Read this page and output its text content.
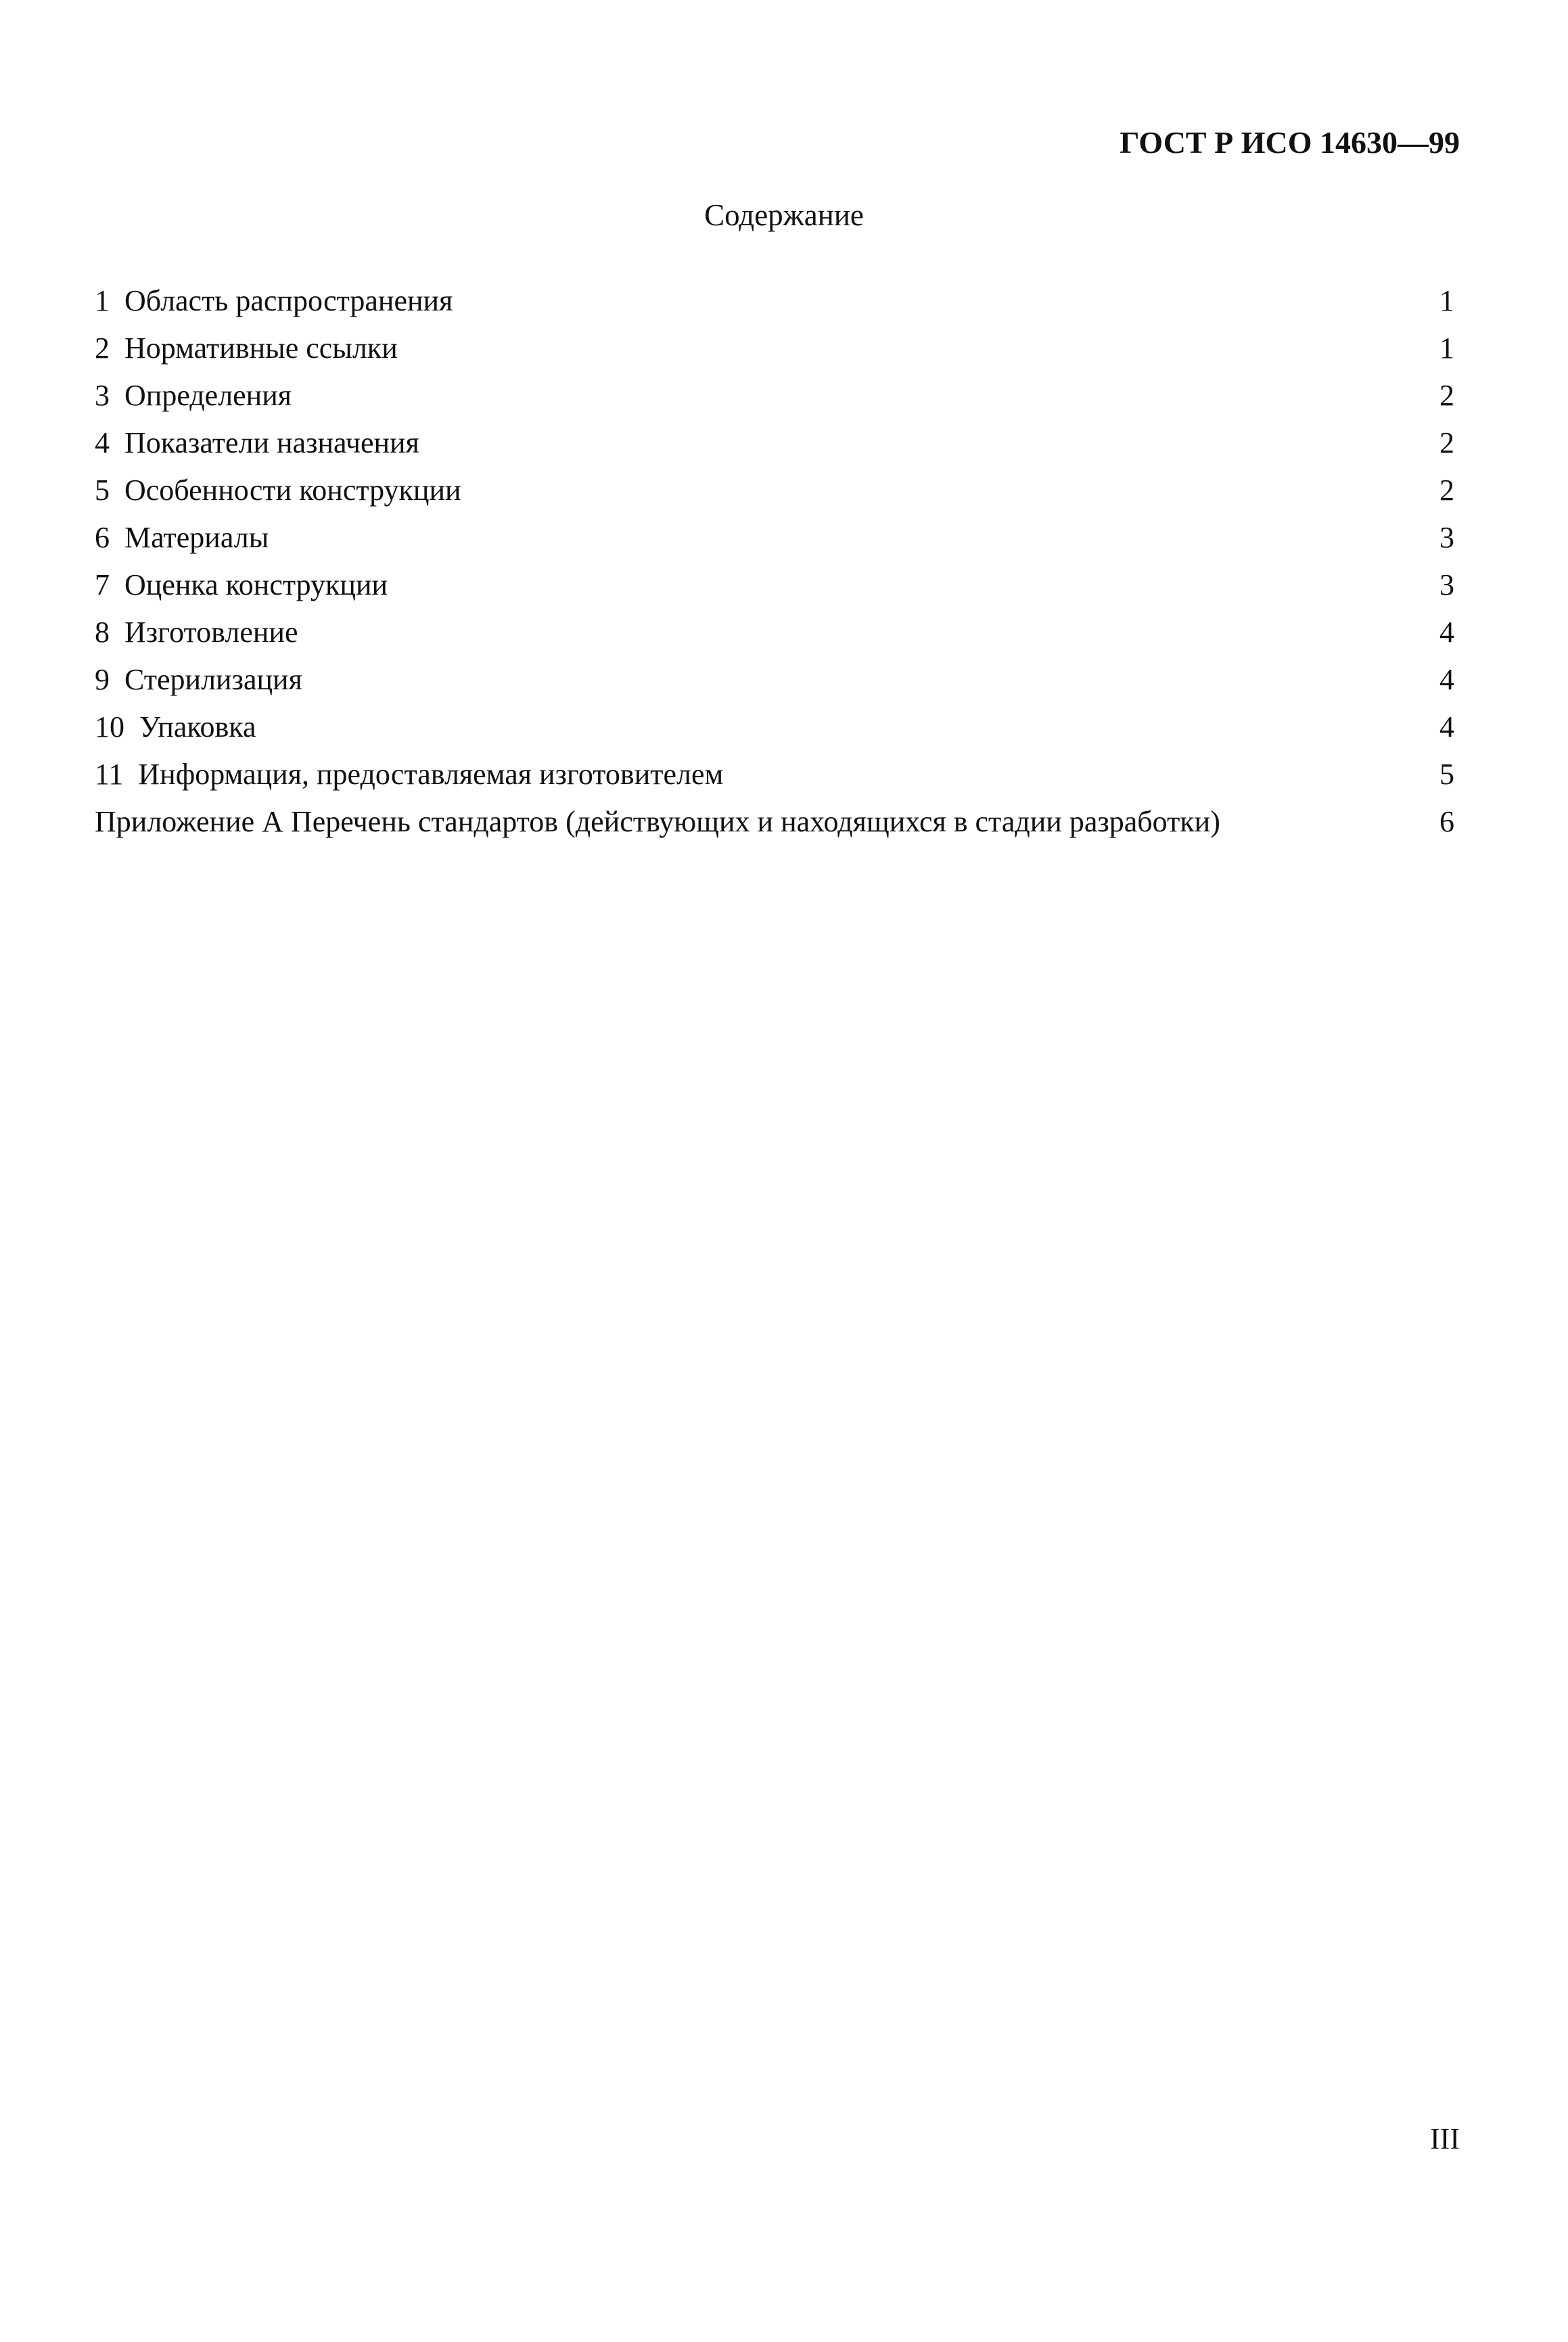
ГОСТ Р ИСО 14630—99
Содержание
1 Область распространения . . .	1
2 Нормативные ссылки . . .	1
3 Определения . . .	2
4 Показатели назначения . . .	2
5 Особенности конструкции . . .	2
6 Материалы . . .	3
7 Оценка конструкции . . .	3
8 Изготовление . . .	4
9 Стерилизация . . .	4
10 Упаковка . . .	4
11 Информация, предоставляемая изготовителем . . .	5
Приложение А Перечень стандартов (действующих и находящихся в стадии разработки) . . .	6
III
